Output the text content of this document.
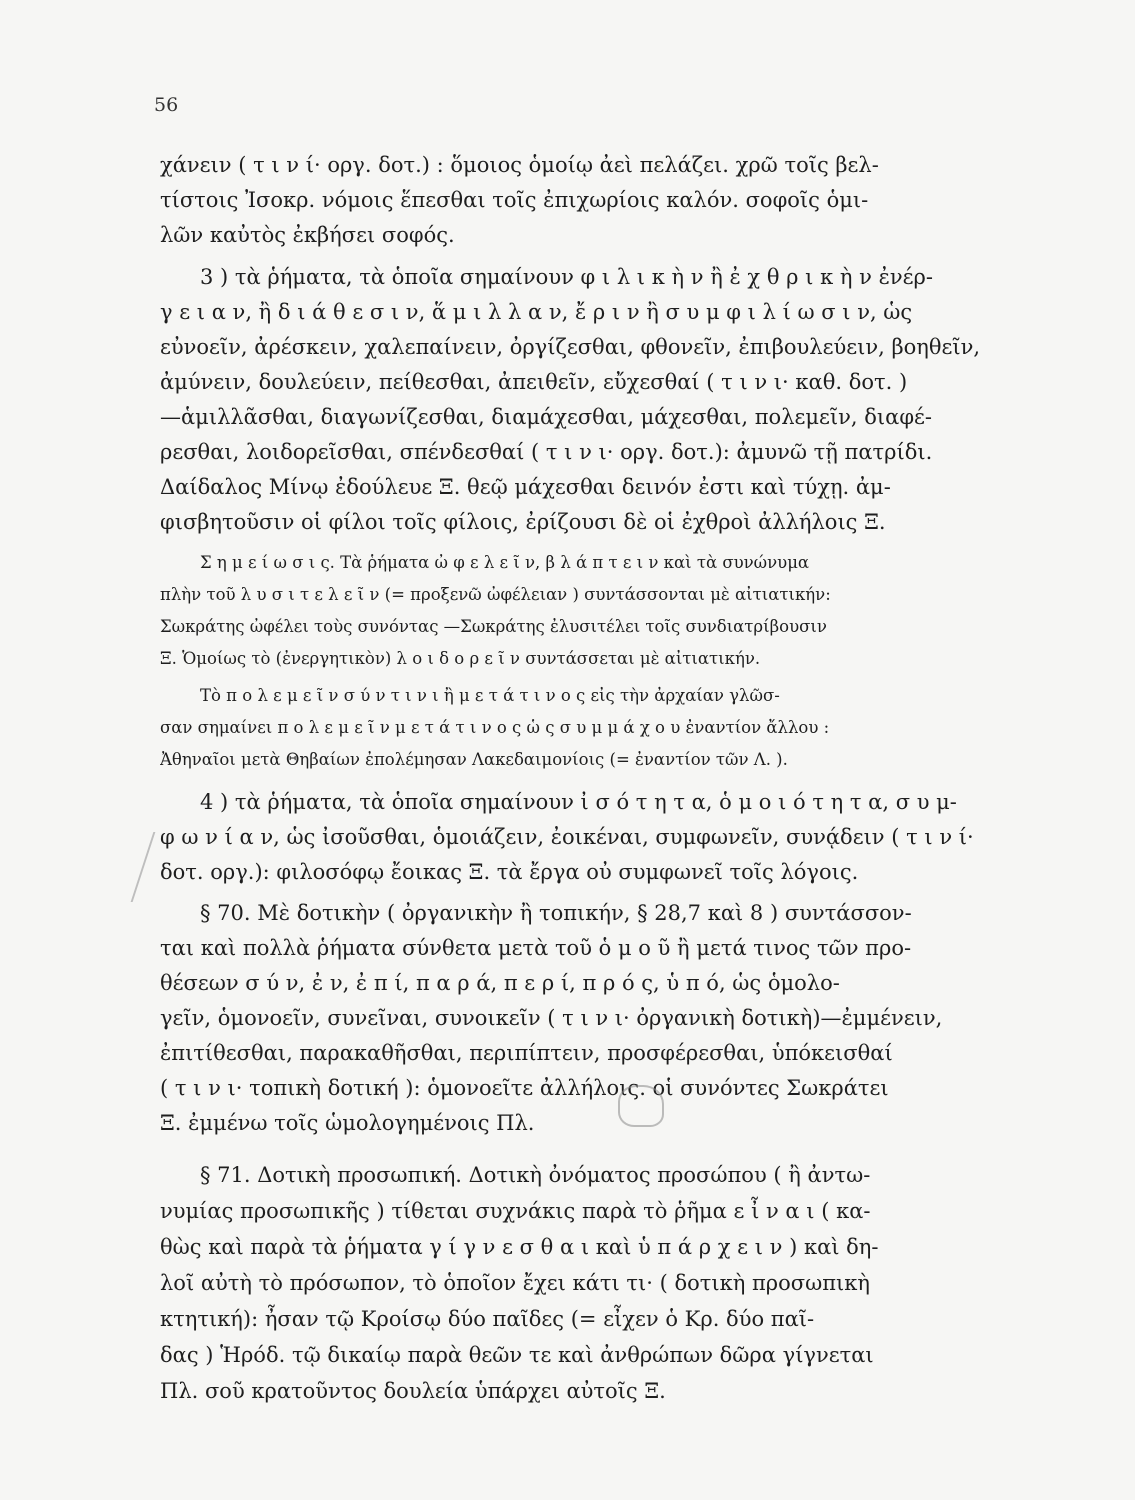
56
χάνειν ( τ ι ν ί· οργ. δοτ.) : ὅμοιος ὁμοίῳ ἀεὶ πελάζει. χρῶ τοῖς βελ-
τίστοις Ἰσοκρ. νόμοις ἕπεσθαι τοῖς ἐπιχωρίοις καλόν. σοφοῖς ὁμι-
λῶν καὐτὸς ἐκβήσει σοφός.
3 ) τὰ ῥήματα, τὰ ὁποῖα σημαίνουν φ ι λ ι κ ὴ ν ἢ ἐ χ θ ρ ι κ ὴ ν ἐνέρ-
γ ε ι α ν, ἢ δ ι ά θ ε σ ι ν, ἅ μ ι λ λ α ν, ἔ ρ ι ν ἢ σ υ μ φ ι λ ί ω σ ι ν, ὡς
εὐνοεῖν, ἀρέσκειν, χαλεπαίνειν, ὀργίζεσθαι, φθονεῖν, ἐπιβουλεύειν, βοηθεῖν,
ἀμύνειν, δουλεύειν, πείθεσθαι, ἀπειθεῖν, εὔχεσθαί ( τ ι ν ι· καθ. δοτ. )
—ἁμιλλᾶσθαι, διαγωνίζεσθαι, διαμάχεσθαι, μάχεσθαι, πολεμεῖν, διαφέ-
ρεσθαι, λοιδορεῖσθαι, σπένδεσθαί ( τ ι ν ι· οργ. δοτ.): ἀμυνῶ τῇ πατρίδι.
Δαίδαλος Μίνῳ ἐδούλευε Ξ. θεῷ μάχεσθαι δεινόν ἐστι καὶ τύχῃ. ἀμ-
φισβητοῦσιν οἱ φίλοι τοῖς φίλοις, ἐρίζουσι δὲ οἱ ἐχθροὶ ἀλλήλοις Ξ.
Σ η μ ε ί ω σ ι ς. Τὰ ῥήματα ὠ φ ε λ ε ῖ ν, β λ ά π τ ε ι ν καὶ τὰ συνώνυμα
πλὴν τοῦ λ υ σ ι τ ε λ ε ῖ ν (= προξενῶ ὠφέλειαν ) συντάσσονται μὲ αἰτιατικήν:
Σωκράτης ὠφέλει τοὺς συνόντας —Σωκράτης ἐλυσιτέλει τοῖς συνδιατρίβουσιν
Ξ. Ὁμοίως τὸ (ἐνεργητικὸν) λ ο ι δ ο ρ ε ῖ ν συντάσσεται μὲ αἰτιατικήν.
Τὸ π ο λ ε μ ε ῖ ν σ ύ ν τ ι ν ι ἢ μ ε τ ά τ ι ν ο ς εἰς τὴν ἀρχαίαν γλῶσ-
σαν σημαίνει π ο λ ε μ ε ῖ ν μ ε τ ά τ ι ν ο ς ὡ ς σ υ μ μ ά χ ο υ ἐναντίον ἄλλου :
Ἀθηναῖοι μετὰ Θηβαίων ἐπολέμησαν Λακεδαιμονίοις (= ἐναντίον τῶν Λ. ).
4 ) τὰ ῥήματα, τὰ ὁποῖα σημαίνουν ἰ σ ό τ η τ α, ὁ μ ο ι ό τ η τ α, σ υ μ-
φ ω ν ί α ν, ὡς ἰσοῦσθαι, ὁμοιάζειν, ἐοικέναι, συμφωνεῖν, συνᾴδειν ( τ ι ν ί·
δοτ. οργ.): φιλοσόφῳ ἔοικας Ξ. τὰ ἔργα οὐ συμφωνεῖ τοῖς λόγοις.
§ 70. Μὲ δοτικὴν ( ὀργανικὴν ἢ τοπικήν, § 28,7 καὶ 8 ) συντάσσον-
ται καὶ πολλὰ ῥήματα σύνθετα μετὰ τοῦ ὁ μ ο ῦ ἢ μετά τινος τῶν προ-
θέσεων σ ύ ν, ἐ ν, ἐ π ί, π α ρ ά, π ε ρ ί, π ρ ό ς, ὑ π ό, ὡς ὁμολο-
γεῖν, ὁμονοεῖν, συνεῖναι, συνοικεῖν ( τ ι ν ι· ὀργανικὴ δοτικὴ)—ἐμμένειν,
ἐπιτίθεσθαι, παρακαθῆσθαι, περιπίπτειν, προσφέρεσθαι, ὑπόκεισθαί
( τ ι ν ι· τοπικὴ δοτική ): ὁμονοεῖτε ἀλλήλοις. οἱ συνόντες Σωκράτει
Ξ. ἐμμένω τοῖς ὡμολογημένοις Πλ.
§ 71. Δοτικὴ προσωπική. Δοτικὴ ὀνόματος προσώπου ( ἢ ἀντω-
νυμίας προσωπικῆς ) τίθεται συχνάκις παρὰ τὸ ῥῆμα ε ἶ ν α ι ( κα-
θὼς καὶ παρὰ τὰ ῥήματα γ ί γ ν ε σ θ α ι καὶ ὑ π ά ρ χ ε ι ν ) καὶ δη-
λοῖ αὐτὴ τὸ πρόσωπον, τὸ ὁποῖον ἔχει κάτι τι· ( δοτικὴ προσωπικὴ
κτητική): ἦσαν τῷ Κροίσῳ δύο παῖδες (= εἶχεν ὁ Κρ. δύο παῖ-
δας ) Ἡρόδ. τῷ δικαίῳ παρὰ θεῶν τε καὶ ἀνθρώπων δῶρα γίγνεται
Πλ. σοῦ κρατοῦντος δουλεία ὑπάρχει αὐτοῖς Ξ.
